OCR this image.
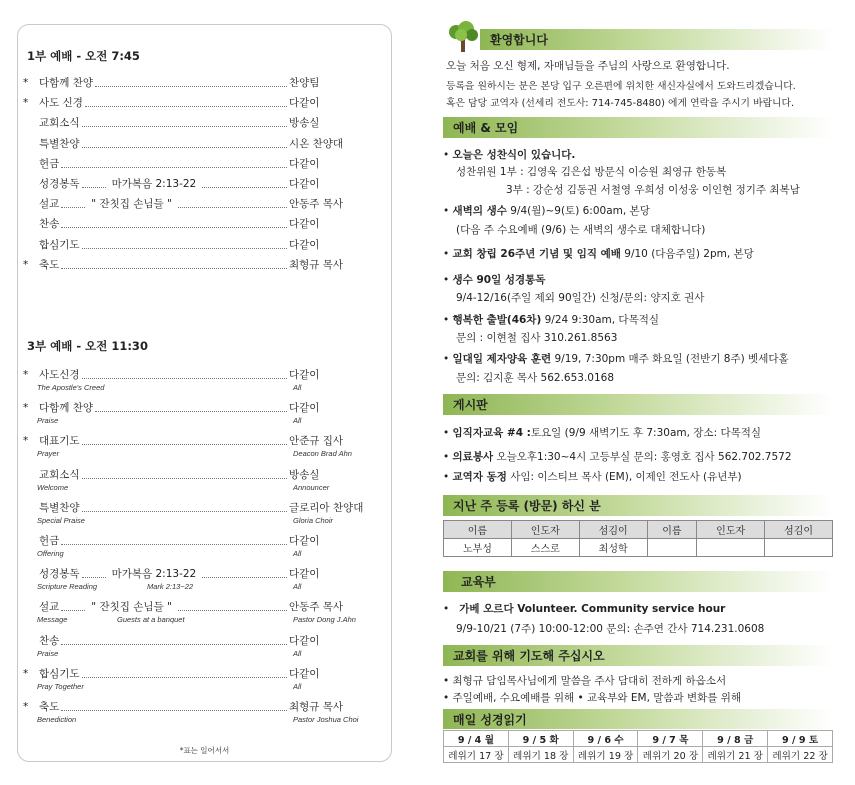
1부 예배 - 오전 7:45
*	다함께 찬양	찬양팀
*	사도 신경	다같이
교회소식	방송실
특별찬양	시온 찬양대
헌금	다같이
성경봉독	마가복음 2:13-22	다같이
설교	" 잔칫집 손님들 "	안동주 목사
찬송	다같이
합심기도	다같이
*	축도	최형규 목사
3부 예배 - 오전 11:30
*	사도신경	다같이
The Apostle's Creed	All
*	다함께 찬양	다같이
Praise	All
*	대표기도	안준규 집사
Prayer	Deacon Brad Ahn
교회소식	방송실
Welcome	Announcer
특별찬양	글로리아 찬양대
Special Praise	Gloria Choir
헌금	다같이
Offering	All
성경봉독	마가복음 2:13-22	다같이
Scripture Reading	Mark 2:13~22	All
설교	" 잔칫집 손님들 "	안동주 목사
Message	Guests at a banquet	Pastor Dong J.Ahn
찬송	다같이
Praise	All
*	합심기도	다같이
Pray Together	All
*	축도	최형규 목사
Benediction	Pastor Joshua Choi
*표는 일어서서
환영합니다
오늘 처음 오신 형제, 자매님들을 주님의 사랑으로 환영합니다.
등록을 원하시는 분은 본당 입구 오른편에 위치한 새신자실에서 도와드리겠습니다.
혹은 담당 교역자 (선세리 전도사: 714-745-8480) 에게 연락을 주시기 바랍니다.
예배 & 모임
• 오늘은 성찬식이 있습니다.
성찬위원 1부 : 김영욱 김은섭 방문식 이승원 최영규 한동복
3부 : 강순성 김동권 서철영 우희성 이성웅 이인현 정기주 최복남
• 새벽의 생수 9/4(월)~9(토) 6:00am, 본당
(다음 주 수요예배 (9/6) 는 새벽의 생수로 대체합니다)
• 교회 창립 26주년 기념 및 임직 예배 9/10 (다음주일) 2pm, 본당
• 생수 90일 성경통독
9/4-12/16(주일 제외 90일간) 신청/문의: 양지호 권사
• 행복한 출발(46차) 9/24 9:30am, 다목적실
문의 : 이현철 집사 310.261.8563
• 일대일 제자양육 훈련 9/19, 7:30pm 매주 화요일 (전반기 8주) 벳세다홀
문의: 김지훈 목사 562.653.0168
게시판
• 임직자교육 #4 :토요일 (9/9 새벽기도 후 7:30am, 장소: 다목적실
• 의료봉사 오늘오후1:30~4시 고등부실 문의: 홍영호 집사 562.702.7572
• 교역자 동정 사임: 이스티브 목사 (EM), 이제인 전도사 (유년부)
지난 주 등록 (방문) 하신 분
이름	인도자	섬김이	이름	인도자	섬김이
노부성	스스로	최성학			
교육부
•   가베 오르다 Volunteer. Community service hour
9/9-10/21 (7주) 10:00-12:00 문의: 손주연 간사 714.231.0608
교회를 위해 기도해 주십시오
• 최형규 담임목사님에게 말씀을 주사 담대히 전하게 하옵소서
• 주일예배, 수요예배를 위해 • 교육부와 EM, 말씀과 변화를 위해
매일 성경읽기
9 / 4 월	9 / 5 화	9 / 6 수	9 / 7 목	9 / 8 금	9 / 9 토
레위기 17 장	레위기 18 장	레위기 19 장	레위기 20 장	레위기 21 장	레위기 22 장
